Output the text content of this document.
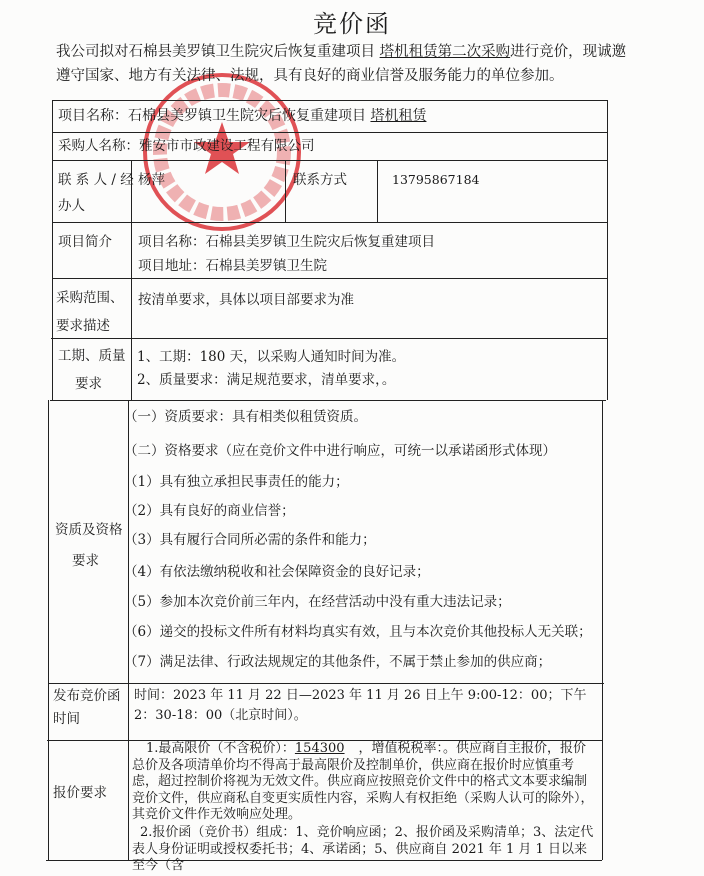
竞价函
我公司拟对石棉县美罗镇卫生院灾后恢复重建项目 塔机租赁第二次采购进行竞价，现诚邀遵守国家、地方有关法律、法规，具有良好的商业信誉及服务能力的单位参加。
项目名称：石棉县美罗镇卫生院灾后恢复重建项目 塔机租赁
采购人名称：雅安市市政建设工程有限公司
联 系 人 / 经
办人
杨萍	联系方式	13795867184
项目简介 项目名称：石棉县美罗镇卫生院灾后恢复重建项目
项目地址：石棉县美罗镇卫生院
采购范围、
要求描述
按清单要求，具体以项目部要求为准
工期、质量
要求
1、工期：180 天，以采购人通知时间为准。
2、质量要求：满足规范要求，清单要求，。
资质及资格
要求
（一）资质要求：具有相类似租赁资质。
（二）资格要求（应在竞价文件中进行响应，可统一以承诺函形式体现）
（1）具有独立承担民事责任的能力；
（2）具有良好的商业信誉；
（3）具有履行合同所必需的条件和能力；
（4）有依法缴纳税收和社会保障资金的良好记录；
（5）参加本次竞价前三年内，在经营活动中没有重大违法记录；
（6）递交的投标文件所有材料均真实有效，且与本次竞价其他投标人无关联；
（7）满足法律、行政法规规定的其他条件，不属于禁止参加的供应商；
发布竞价函
时间
时间：2023 年 11 月 22 日—2023 年 11 月 26 日上午 9:00-12：00；下午 2：30-18：00（北京时间）。
报价要求
1.最高限价（不含税价）：154300 ，增值税税率：。供应商自主报价，报价总价及各项清单价均不得高于最高限价及控制单价，供应商在报价时应慎重考虑，超过控制价将视为无效文件。供应商应按照竞价文件中的格式文本要求编制竞价文件，供应商私自变更实质性内容，采购人有权拒绝（采购人认可的除外），其竞价文件作无效响应处理。
2.报价函（竞价书）组成：1、竞价响应函；2、报价函及采购清单；3、法定代表人身份证明或授权委托书；4、承诺函；5、供应商自 2021 年 1 月 1 日以来至今（含
